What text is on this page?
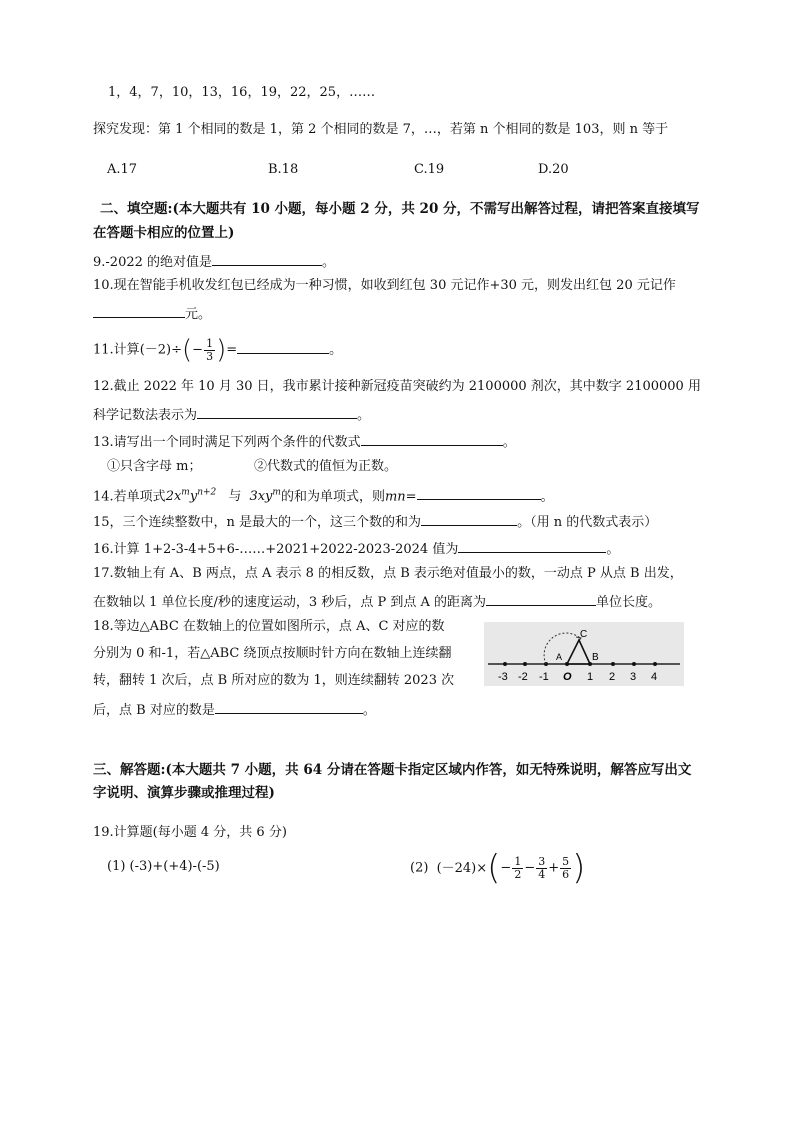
1，4，7，10，13，16，19，22，25，……
探究发现：第 1 个相同的数是 1，第 2 个相同的数是 7，…，若第 n 个相同的数是 103，则 n 等于
A.17	B.18	C.19	D.20
二、填空题:(本大题共有 10 小题，每小题 2 分，共 20 分，不需写出解答过程，请把答案直接填写
在答题卡相应的位置上)
9.-2022 的绝对值是	。
10.现在智能手机收发红包已经成为一种习惯，如收到红包 30 元记作+30 元，则发出红包 20 元记作
元。
11.计算$(-2)\div(- \frac{1}{3}$ )=	。
12.截止 2022 年 10 月 30 日，我市累计接种新冠疫苗突破约为 2100000 剂次，其中数字 2100000 用
科学记数法表示为	。
13.请写出一个同时满足下列两个条件的代数式	。
①只含字母 m；	②代数式的值恒为正数。
14.若单项式$2x^my^{n+2}$ 与 $3xy^m$的和为单项式，则mn=	。
15，三个连续整数中，n 是最大的一个，这三个数的和为	。（用 n 的代数式表示）
16.计算 1+2-3-4+5+6-……+2021+2022-2023-2024 值为	。
17.数轴上有 A、B 两点，点 A 表示 8 的相反数，点 B 表示绝对值最小的数，一动点 P 从点 B 出发，
在数轴以 1 单位长度/秒的速度运动，3 秒后，点 P 到点 A 的距离为	单位长度。
18.等边△ABC 在数轴上的位置如图所示，点 A、C 对应的数
分别为 0 和-1，若△ABC 绕顶点按顺时针方向在数轴上连续翻
转，翻转 1 次后，点 B 所对应的数为 1，则连续翻转 2023 次
后，点 B 对应的数是	。
C
A	B
-3 -2 -1 O 1 2 3 4
三、解答题:(本大题共 7 小题，共 64 分请在答题卡指定区域内作答，如无特殊说明，解答应写出文
字说明、演算步骤或推理过程)
19.计算题(每小题 4 分，共 6 分)
(1) (-3)+(+4)-(-5)	(2) $(-24)\times(- \frac{1}{2} - \frac{3}{4} + \frac{5}{6}$ )
